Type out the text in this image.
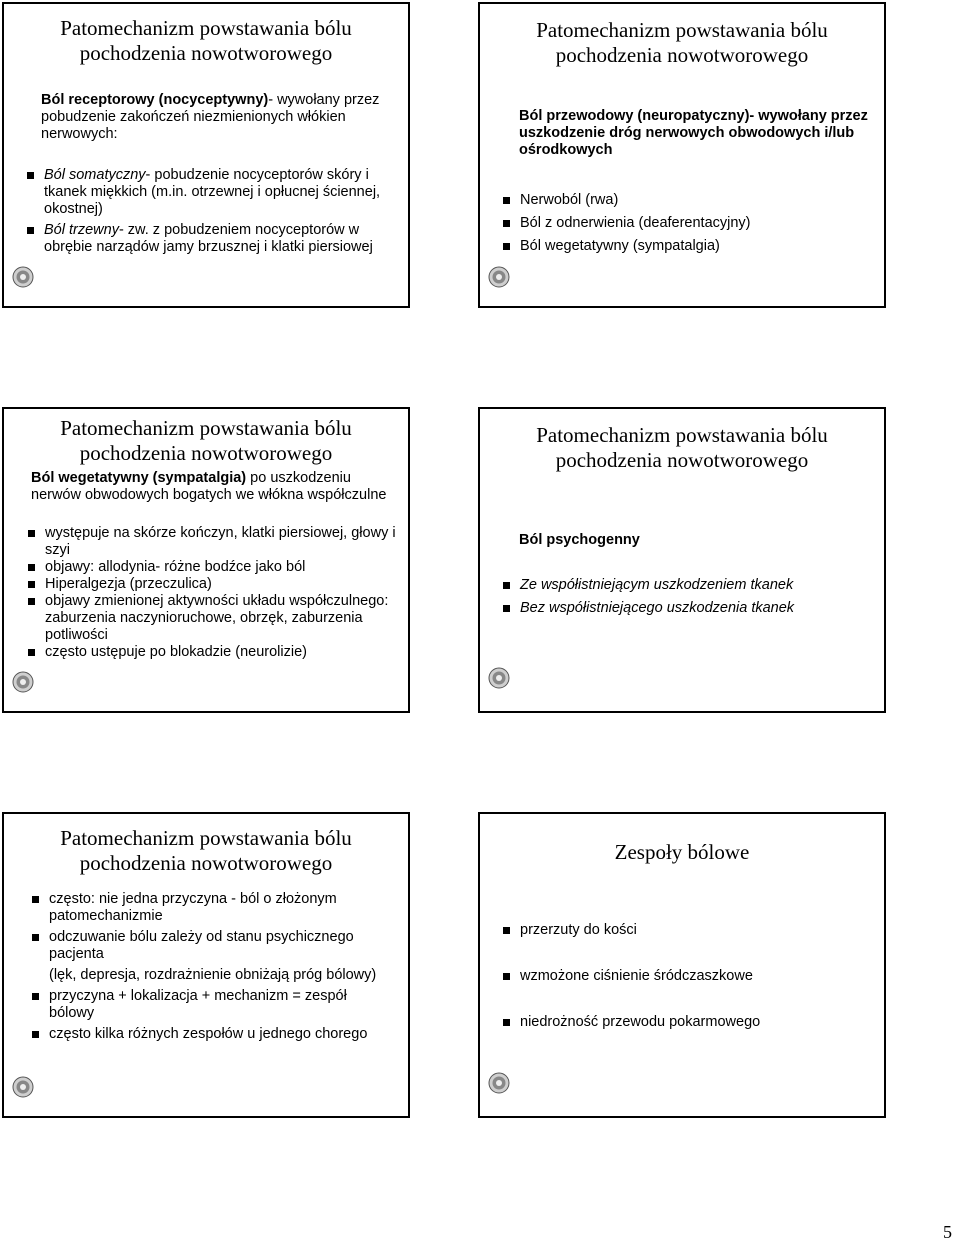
Patomechanizm powstawania bólu
pochodzenia nowotworowego
Ból receptorowy (nocyceptywny)- wywołany przez pobudzenie zakończeń niezmienionych włókien nerwowych:
Ból somatyczny- pobudzenie nocyceptorów skóry i tkanek miękkich (m.in. otrzewnej i opłucnej ściennej, okostnej)
Ból trzewny- zw. z pobudzeniem nocyceptorów w obrębie narządów jamy brzusznej i klatki piersiowej
Patomechanizm powstawania bólu
pochodzenia nowotworowego
Ból przewodowy (neuropatyczny)- wywołany przez uszkodzenie dróg nerwowych obwodowych i/lub ośrodkowych
Nerwoból (rwa)
Ból z odnerwienia (deaferentacyjny)
Ból wegetatywny (sympatalgia)
Patomechanizm powstawania bólu
pochodzenia nowotworowego
Ból wegetatywny (sympatalgia) po uszkodzeniu nerwów obwodowych bogatych we włókna współczulne
występuje na skórze kończyn, klatki piersiowej, głowy i szyi
objawy: allodynia- różne bodźce jako ból
Hiperalgezja (przeczulica)
objawy zmienionej aktywności układu współczulnego: zaburzenia naczynioruchowe, obrzęk, zaburzenia potliwości
często ustępuje po blokadzie (neurolizie)
Patomechanizm powstawania bólu
pochodzenia nowotworowego
Ból psychogenny
Ze współistniejącym uszkodzeniem tkanek
Bez współistniejącego uszkodzenia tkanek
Patomechanizm powstawania bólu
pochodzenia nowotworowego
często: nie jedna przyczyna - ból o złożonym patomechanizmie
odczuwanie bólu zależy od stanu psychicznego pacjenta
(lęk, depresja, rozdrażnienie obniżają próg bólowy)
przyczyna + lokalizacja + mechanizm = zespół bólowy
często kilka różnych zespołów u jednego chorego
Zespoły bólowe
przerzuty do kości
wzmożone ciśnienie śródczaszkowe
niedrożność przewodu pokarmowego
5
